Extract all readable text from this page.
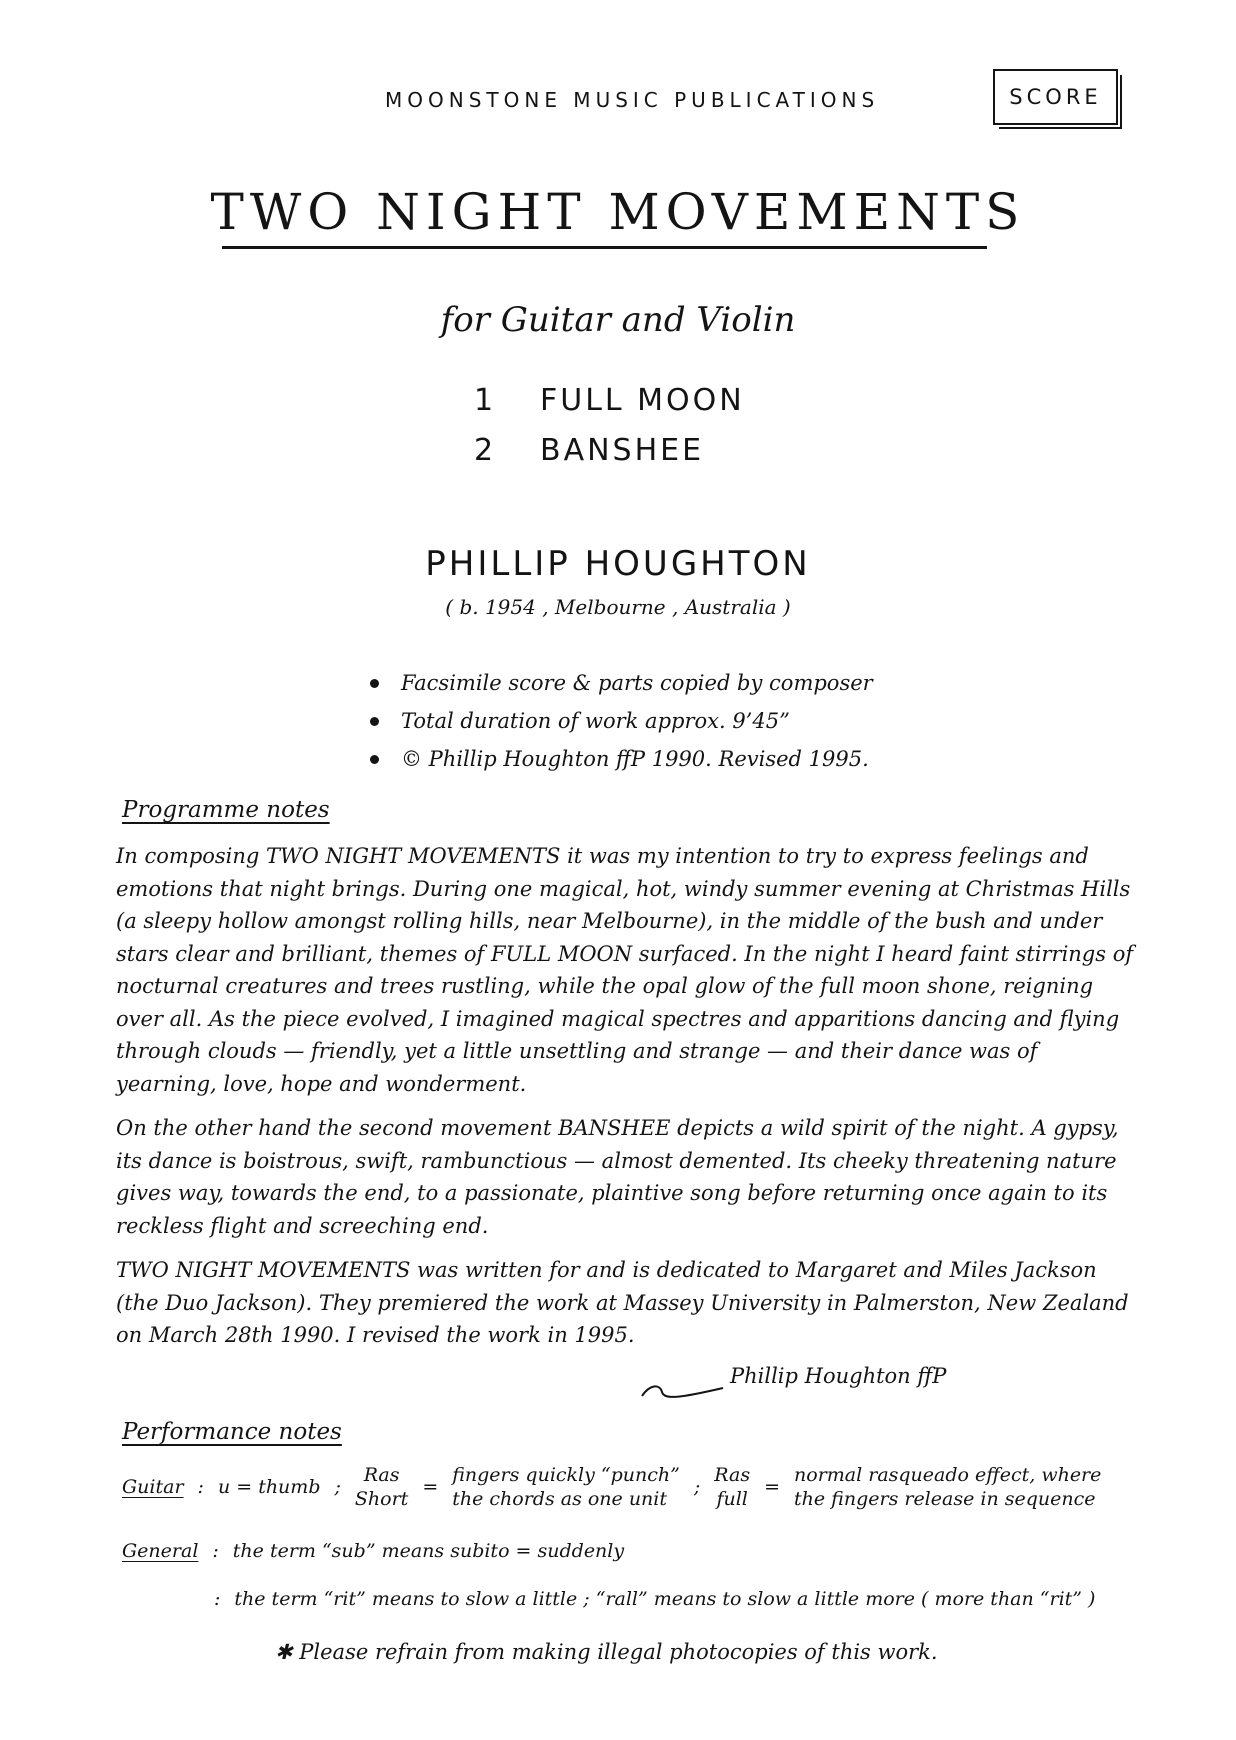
MOONSTONE MUSIC PUBLICATIONS	SCORE
TWO NIGHT MOVEMENTS
for Guitar and Violin
1	FULL MOON
2	BANSHEE
PHILLIP HOUGHTON
( b. 1954 , Melbourne , Australia )
Facsimile score & parts copied by composer
Total duration of work approx. 9’45”
© Phillip Houghton ffP 1990. Revised 1995.
Programme notes

In composing TWO NIGHT MOVEMENTS it was my intention to try to express feelings and emotions that night brings. During one magical, hot, windy summer evening at Christmas Hills (a sleepy hollow amongst rolling hills, near Melbourne), in the middle of the bush and under stars clear and brilliant, themes of FULL MOON surfaced. In the night I heard faint stirrings of nocturnal creatures and trees rustling, while the opal glow of the full moon shone, reigning over all. As the piece evolved, I imagined magical spectres and apparitions dancing and flying through clouds — friendly, yet a little unsettling and strange — and their dance was of yearning, love, hope and wonderment.

On the other hand the second movement BANSHEE depicts a wild spirit of the night. A gypsy, its dance is boistrous, swift, rambunctious — almost demented. Its cheeky threatening nature gives way, towards the end, to a passionate, plaintive song before returning once again to its reckless flight and screeching end.

TWO NIGHT MOVEMENTS was written for and is dedicated to Margaret and Miles Jackson (the Duo Jackson). They premiered the work at Massey University in Palmerston, New Zealand on March 28th 1990. I revised the work in 1995.

Phillip Houghton ffP
Performance notes
Guitar : u = thumb ;
Ras
Short
=
fingers quickly “punch”
the chords as one unit
;
Ras
full
=
normal rasqueado effect, where
the fingers release in sequence
General : the term “sub” means subito = suddenly
: the term “rit” means to slow a little ; “rall” means to slow a little more ( more than “rit” )
✱ Please refrain from making illegal photocopies of this work.
